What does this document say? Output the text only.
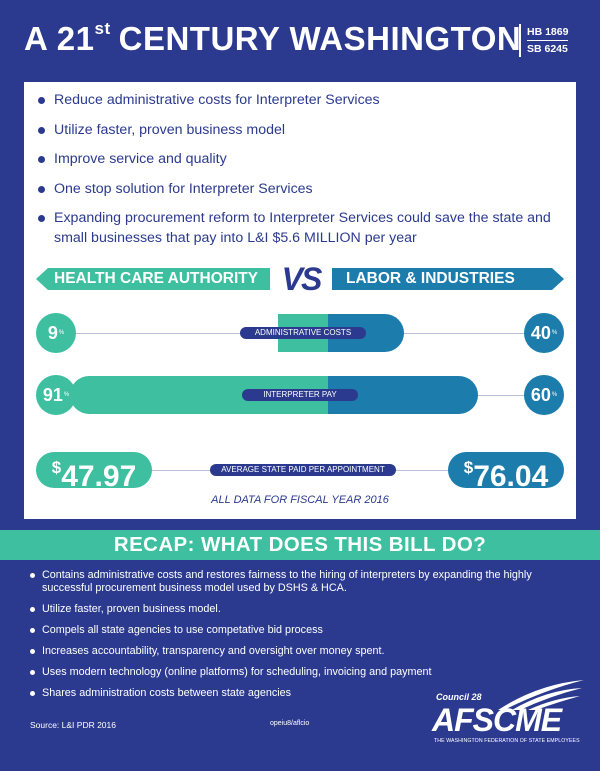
A 21st CENTURY WASHINGTON HB 1869
SB 6245
Reduce administrative costs for Interpreter Services
Utilize faster, proven business model
Improve service and quality
One stop solution for Interpreter Services
Expanding procurement reform to Interpreter Services could save the state and small businesses that pay into L&I $5.6 MILLION per year
HEALTH CARE AUTHORITY	LABOR & INDUSTRIES
VS
ADMINISTRATIVE COSTS
9%	40%
INTERPRETER PAY
91%	60%
AVERAGE STATE PAID PER APPOINTMENT
$47.97	$76.04
ALL DATA FOR FISCAL YEAR 2016
RECAP: WHAT DOES THIS BILL DO?
Contains administrative costs and restores fairness to the hiring of interpreters by expanding the highly successful procurement business model used by DSHS & HCA.
Utilize faster, proven business model.
Compels all state agencies to use competative bid process
Increases accountability, transparency and oversight over money spent.
Uses modern technology (online platforms) for scheduling, invoicing and payment
Shares administration costs between state agencies
Source: L&I PDR 2016	opeiu8/aflcio
Council 28
AFSCME
THE WASHINGTON FEDERATION OF STATE EMPLOYEES
